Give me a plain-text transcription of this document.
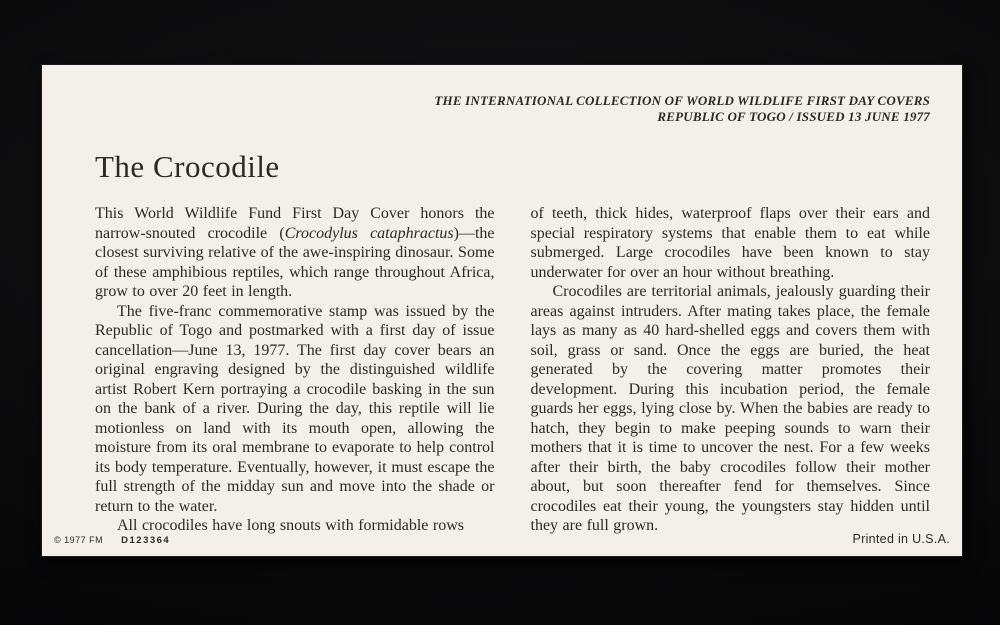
THE INTERNATIONAL COLLECTION OF WORLD WILDLIFE FIRST DAY COVERS
REPUBLIC OF TOGO / ISSUED 13 JUNE 1977
The Crocodile

This World Wildlife Fund First Day Cover honors the narrow-snouted crocodile (Crocodylus cataphractus)—the closest surviving relative of the awe-inspiring dinosaur. Some of these amphibious reptiles, which range throughout Africa, grow to over 20 feet in length.

The five-franc commemorative stamp was issued by the Republic of Togo and postmarked with a first day of issue cancellation—June 13, 1977. The first day cover bears an original engraving designed by the distinguished wildlife artist Robert Kern portraying a crocodile basking in the sun on the bank of a river. During the day, this reptile will lie motionless on land with its mouth open, allowing the moisture from its oral membrane to evaporate to help control its body temperature. Eventually, however, it must escape the full strength of the midday sun and move into the shade or return to the water.

All crocodiles have long snouts with formidable rows

of teeth, thick hides, waterproof flaps over their ears and special respiratory systems that enable them to eat while submerged. Large crocodiles have been known to stay underwater for over an hour without breathing.

Crocodiles are territorial animals, jealously guarding their areas against intruders. After mating takes place, the female lays as many as 40 hard-shelled eggs and covers them with soil, grass or sand. Once the eggs are buried, the heat generated by the covering matter promotes their development. During this incubation period, the female guards her eggs, lying close by. When the babies are ready to hatch, they begin to make peeping sounds to warn their mothers that it is time to uncover the nest. For a few weeks after their birth, the baby crocodiles follow their mother about, but soon thereafter fend for themselves. Since crocodiles eat their young, the youngsters stay hidden until they are full grown.

© 1977 FM D123364	Printed in U.S.A.
